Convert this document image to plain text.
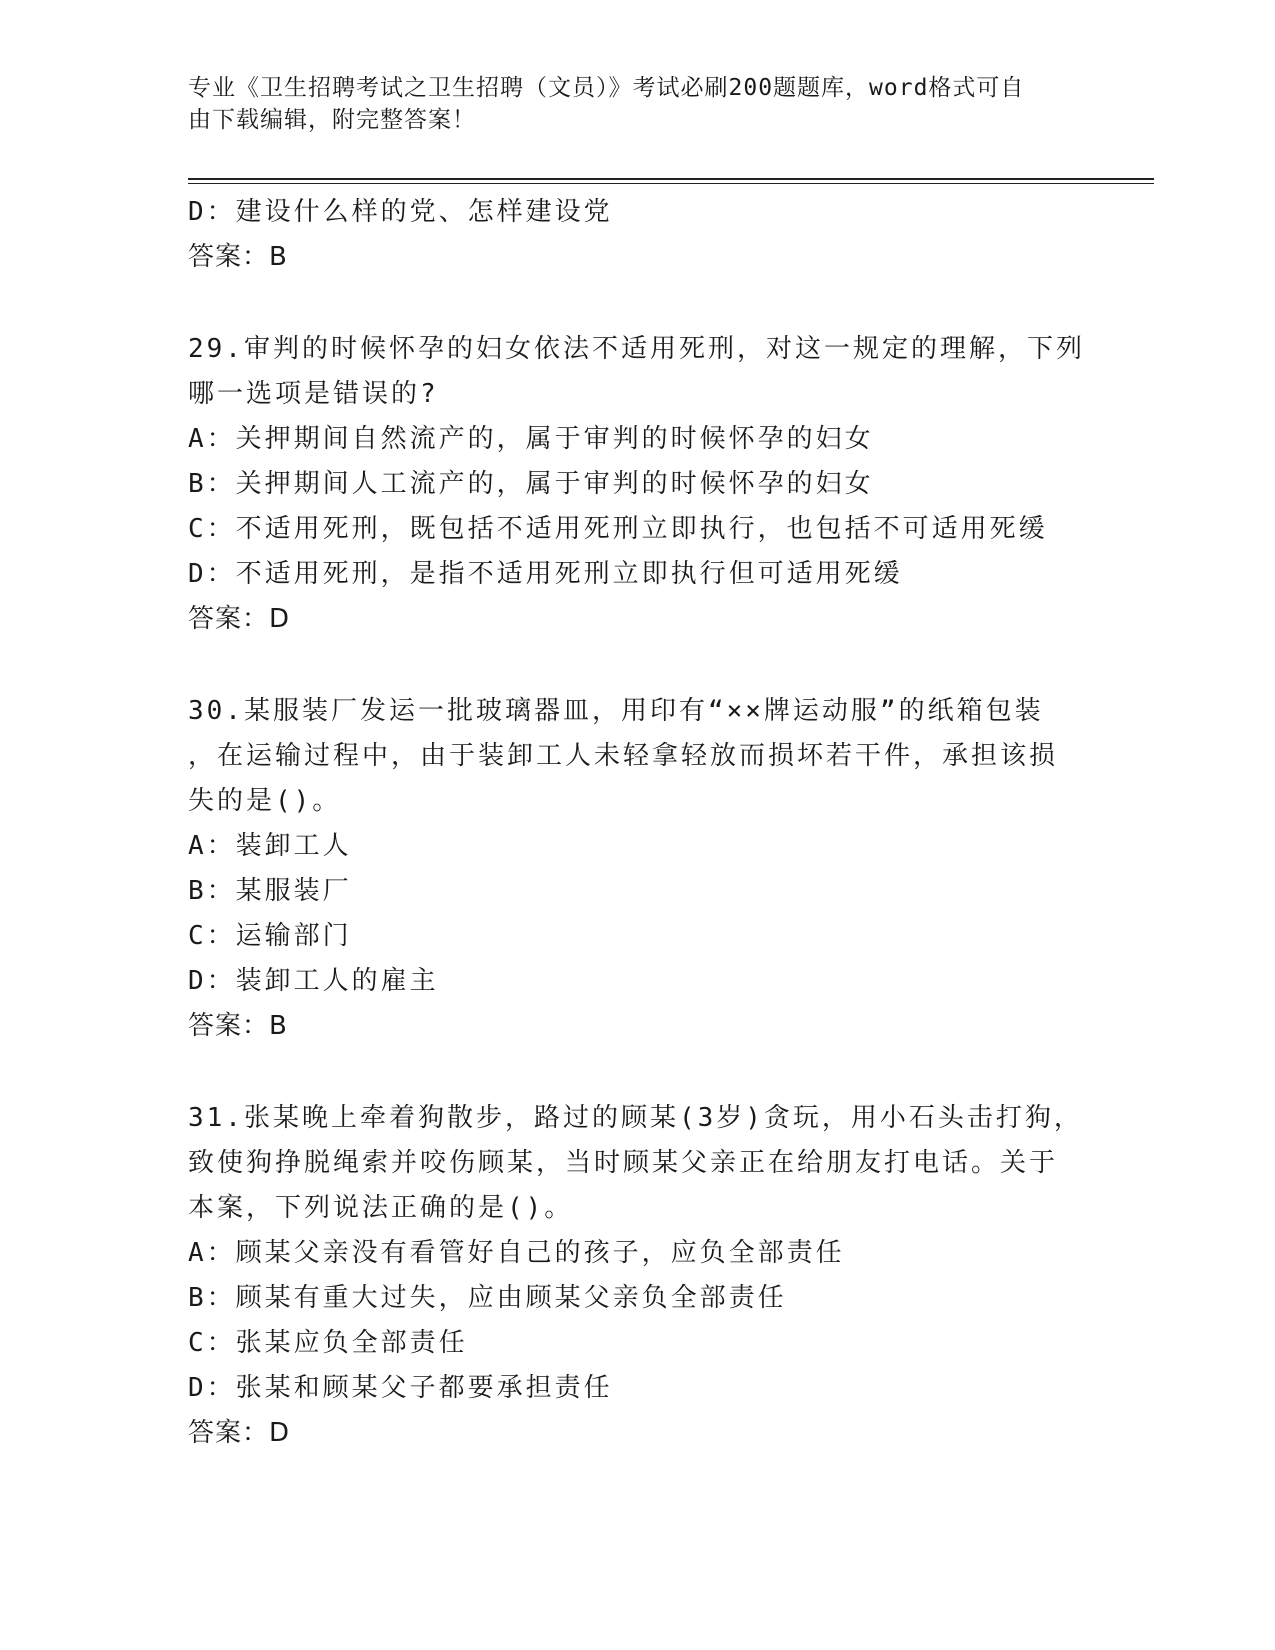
专业《卫生招聘考试之卫生招聘（文员）》考试必刷200题题库，word格式可自
由下载编辑，附完整答案！
D：建设什么样的党、怎样建设党
答案：B
29.审判的时候怀孕的妇女依法不适用死刑，对这一规定的理解，下列
哪一选项是错误的?
A：关押期间自然流产的，属于审判的时候怀孕的妇女
B：关押期间人工流产的，属于审判的时候怀孕的妇女
C：不适用死刑，既包括不适用死刑立即执行，也包括不可适用死缓
D：不适用死刑，是指不适用死刑立即执行但可适用死缓
答案：D
30.某服装厂发运一批玻璃器皿，用印有“××牌运动服”的纸箱包装
，在运输过程中，由于装卸工人未轻拿轻放而损坏若干件，承担该损
失的是()。
A：装卸工人
B：某服装厂
C：运输部门
D：装卸工人的雇主
答案：B
31.张某晚上牵着狗散步，路过的顾某(3岁)贪玩，用小石头击打狗，
致使狗挣脱绳索并咬伤顾某，当时顾某父亲正在给朋友打电话。关于
本案，下列说法正确的是()。
A：顾某父亲没有看管好自己的孩子，应负全部责任
B：顾某有重大过失，应由顾某父亲负全部责任
C：张某应负全部责任
D：张某和顾某父子都要承担责任
答案：D
